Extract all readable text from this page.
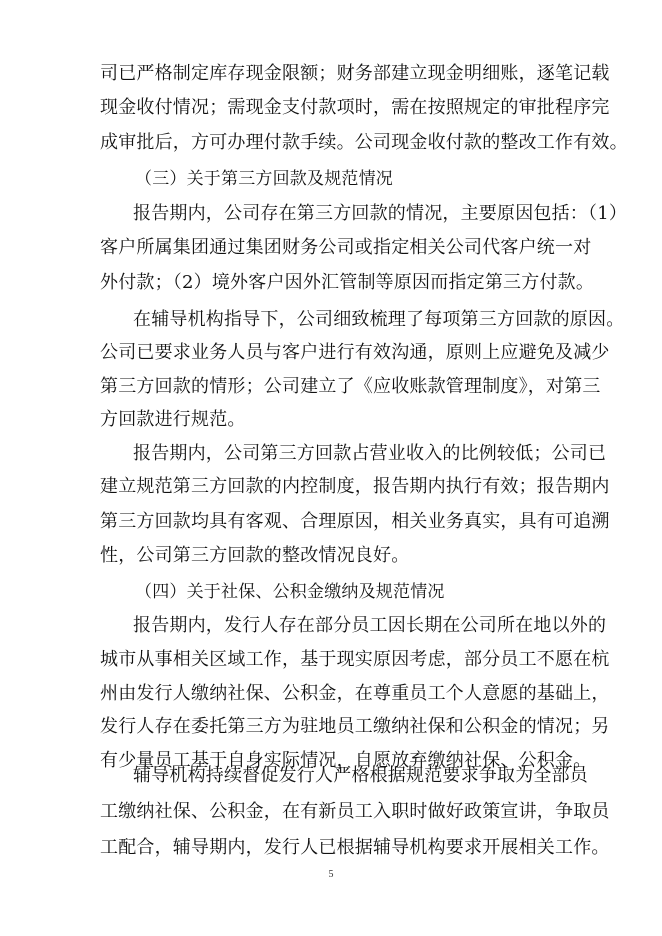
司已严格制定库存现金限额；财务部建立现金明细账，逐笔记载
现金收付情况；需现金支付款项时，需在按照规定的审批程序完
成审批后，方可办理付款手续。公司现金收付款的整改工作有效。
（三）关于第三方回款及规范情况
报告期内，公司存在第三方回款的情况，主要原因包括：（1）
客户所属集团通过集团财务公司或指定相关公司代客户统一对
外付款；（2）境外客户因外汇管制等原因而指定第三方付款。
在辅导机构指导下，公司细致梳理了每项第三方回款的原因。
公司已要求业务人员与客户进行有效沟通，原则上应避免及减少
第三方回款的情形；公司建立了《应收账款管理制度》，对第三
方回款进行规范。
报告期内，公司第三方回款占营业收入的比例较低；公司已
建立规范第三方回款的内控制度，报告期内执行有效；报告期内
第三方回款均具有客观、合理原因，相关业务真实，具有可追溯
性，公司第三方回款的整改情况良好。
（四）关于社保、公积金缴纳及规范情况
报告期内，发行人存在部分员工因长期在公司所在地以外的
城市从事相关区域工作，基于现实原因考虑，部分员工不愿在杭
州由发行人缴纳社保、公积金，在尊重员工个人意愿的基础上，
发行人存在委托第三方为驻地员工缴纳社保和公积金的情况；另
有少量员工基于自身实际情况，自愿放弃缴纳社保、公积金。
辅导机构持续督促发行人严格根据规范要求争取为全部员
工缴纳社保、公积金，在有新员工入职时做好政策宣讲，争取员
工配合，辅导期内，发行人已根据辅导机构要求开展相关工作。
5
